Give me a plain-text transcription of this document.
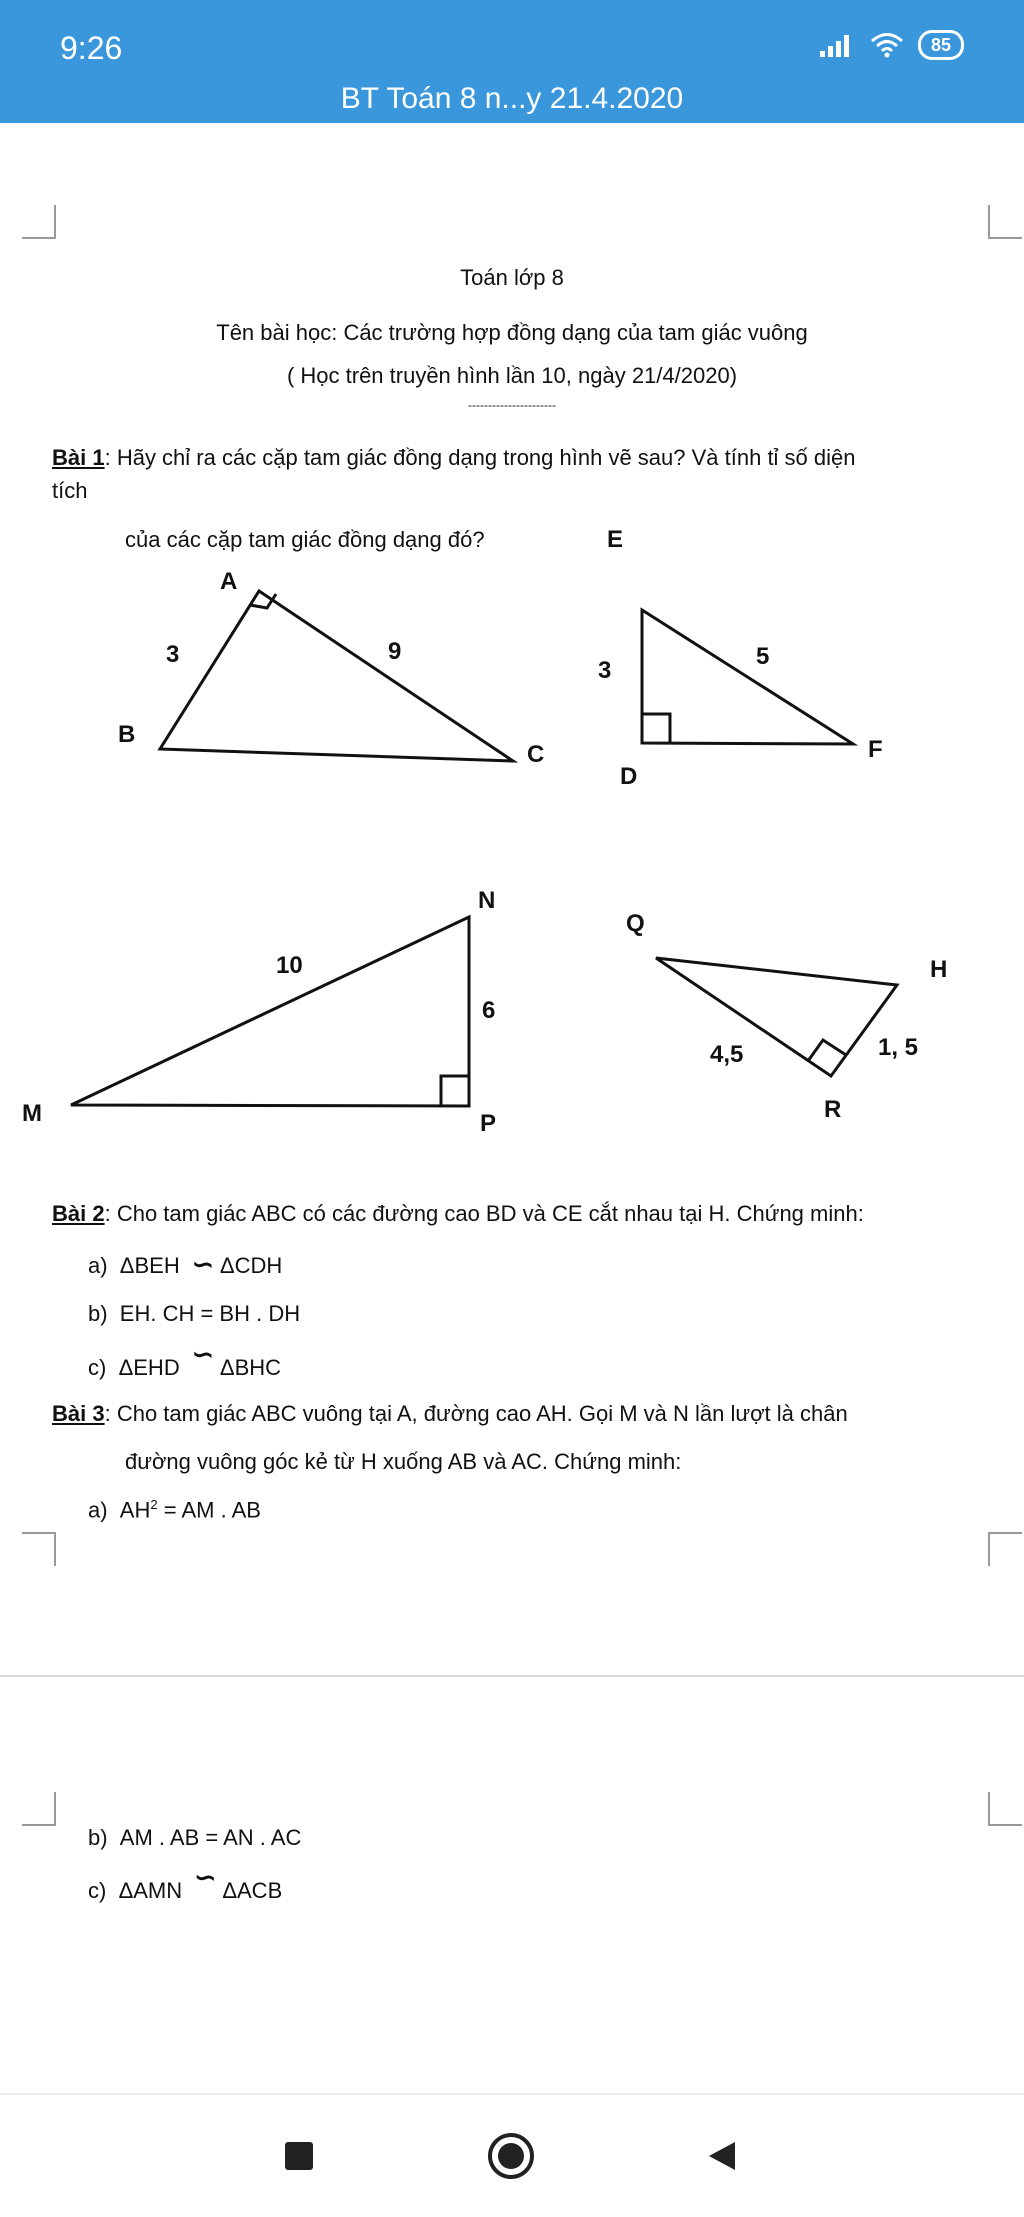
9:26	85
BT Toán 8 n...y 21.4.2020
Toán lớp 8
Tên bài học: Các trường hợp đồng dạng của tam giác vuông
( Học trên truyền hình lần 10, ngày 21/4/2020)
----------------------
Bài 1: Hãy chỉ ra các cặp tam giác đồng dạng trong hình vẽ sau? Và tính tỉ số diện
tích
của các cặp tam giác đồng dạng đó?
A
B
C
3	9
E
D
F
3
5
M
N
P
10
6
Q
H
R
4,5	1, 5
Bài 2: Cho tam giác ABC có các đường cao BD và CE cắt nhau tại H. Chứng minh:
a) ΔBEH ∽ ΔCDH
b) EH. CH = BH . DH
c) ΔEHD ∽ ΔBHC
Bài 3: Cho tam giác ABC vuông tại A, đường cao AH. Gọi M và N lần lượt là chân
đường vuông góc kẻ từ H xuống AB và AC. Chứng minh:
a) $AH^2$ = AM . AB
b) AM . AB = AN . AC
c) ΔAMN ∽ ΔACB
